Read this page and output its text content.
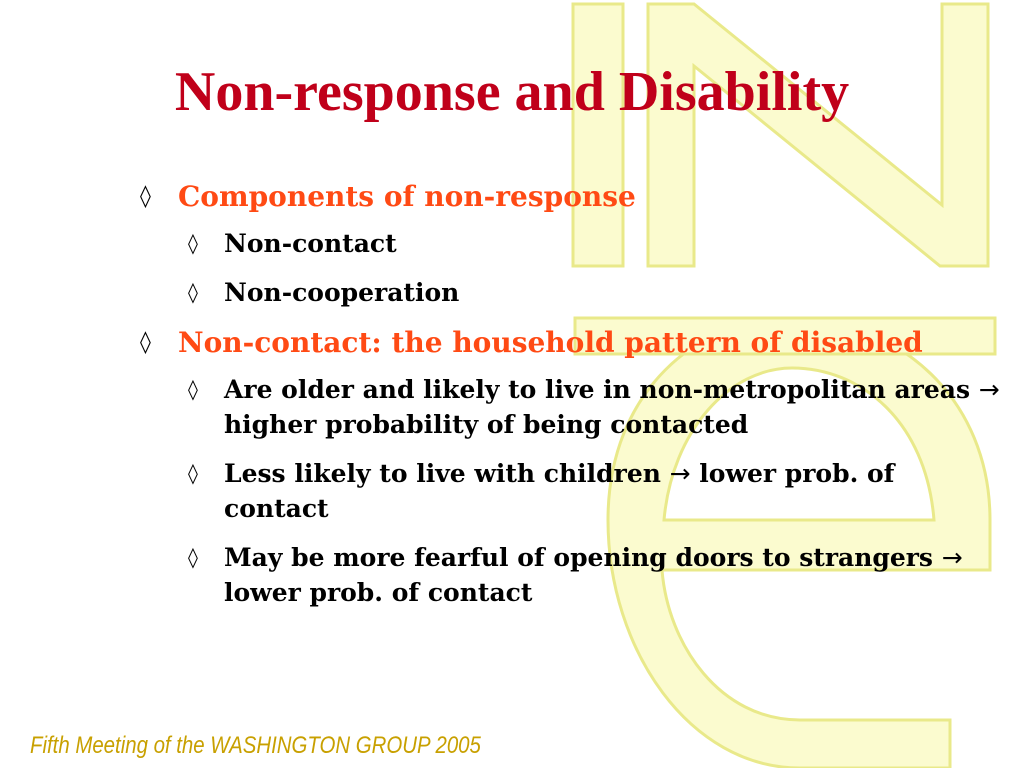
Non-response and Disability
◊ Components of non-response
◊ Non-contact
◊ Non-cooperation
◊ Non-contact: the household pattern of disabled
◊ Are older and likely to live in non-metropolitan areas → higher probability of being contacted
◊ Less likely to live with children → lower prob. of contact
◊ May be more fearful of opening doors to strangers → lower prob. of contact
Fifth Meeting of the WASHINGTON GROUP 2005
